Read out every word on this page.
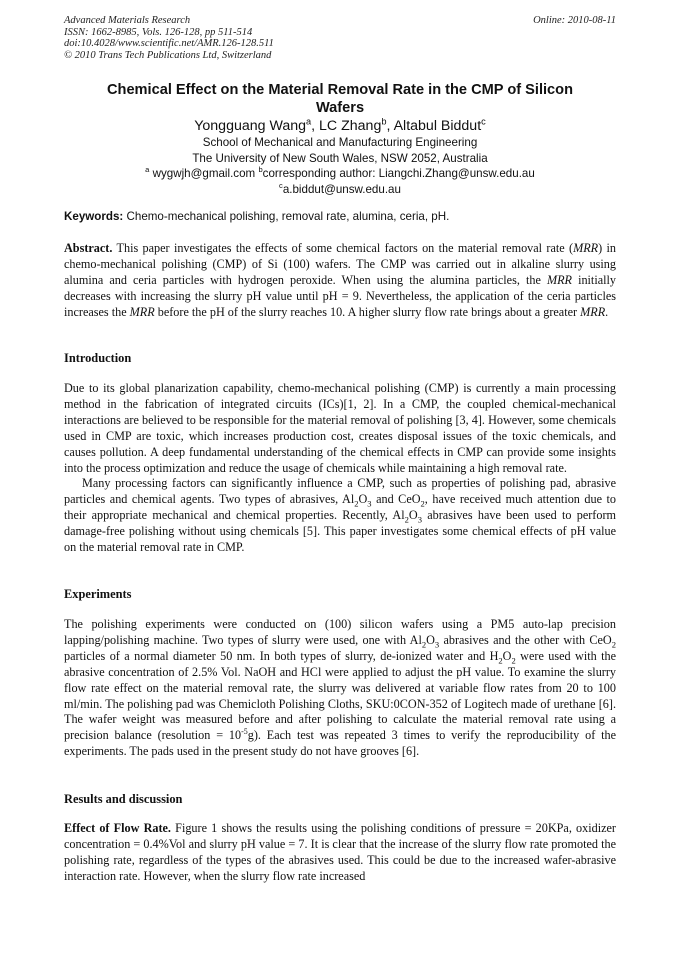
Advanced Materials Research
ISSN: 1662-8985, Vols. 126-128, pp 511-514
doi:10.4028/www.scientific.net/AMR.126-128.511
© 2010 Trans Tech Publications Ltd, Switzerland
Online: 2010-08-11
Chemical Effect on the Material Removal Rate in the CMP of Silicon
Wafers
Yongguang Wang$^a$, LC Zhang$^b$, Altabul Biddut$^c$
School of Mechanical and Manufacturing Engineering
The University of New South Wales, NSW 2052, Australia
$^a$ wygwjh@gmail.com $^b$corresponding author: Liangchi.Zhang@unsw.edu.au
$^c$a.biddut@unsw.edu.au
Keywords: Chemo-mechanical polishing, removal rate, alumina, ceria, pH.

Abstract. This paper investigates the effects of some chemical factors on the material removal rate (MRR) in chemo-mechanical polishing (CMP) of Si (100) wafers. The CMP was carried out in alkaline slurry using alumina and ceria particles with hydrogen peroxide. When using the alumina particles, the MRR initially decreases with increasing the slurry pH value until pH = 9. Nevertheless, the application of the ceria particles increases the MRR before the pH of the slurry reaches 10. A higher slurry flow rate brings about a greater MRR.

Introduction

Due to its global planarization capability, chemo-mechanical polishing (CMP) is currently a main processing method in the fabrication of integrated circuits (ICs)[1, 2]. In a CMP, the coupled chemical-mechanical interactions are believed to be responsible for the material removal of polishing [3, 4]. However, some chemicals used in CMP are toxic, which increases production cost, creates disposal issues of the toxic chemicals, and causes pollution. A deep fundamental understanding of the chemical effects in CMP can provide some insights into the process optimization and reduce the usage of chemicals while maintaining a high removal rate.

Many processing factors can significantly influence a CMP, such as properties of polishing pad, abrasive particles and chemical agents. Two types of abrasives, $Al_2O_3$ and CeO$_2$, have received much attention due to their appropriate mechanical and chemical properties. Recently, $Al_2O_3$ abrasives have been used to perform damage-free polishing without using chemicals [5]. This paper investigates some chemical effects of pH value on the material removal rate in CMP.

Experiments

The polishing experiments were conducted on (100) silicon wafers using a PM5 auto-lap precision lapping/polishing machine. Two types of slurry were used, one with $Al_2O_3$ abrasives and the other with CeO$_2$ particles of a normal diameter 50 nm. In both types of slurry, de-ionized water and $H_2O_2$ were used with the abrasive concentration of 2.5% Vol. NaOH and HCl were applied to adjust the pH value. To examine the slurry flow rate effect on the material removal rate, the slurry was delivered at variable flow rates from 20 to 100 ml/min. The polishing pad was Chemicloth Polishing Cloths, SKU:0CON-352 of Logitech made of urethane [6]. The wafer weight was measured before and after polishing to calculate the material removal rate using a precision balance (resolution = $10^{-5}g$). Each test was repeated 3 times to verify the reproducibility of the experiments. The pads used in the present study do not have grooves [6].

Results and discussion

Effect of Flow Rate. Figure 1 shows the results using the polishing conditions of pressure = 20KPa, oxidizer concentration = 0.4%Vol and slurry pH value = 7. It is clear that the increase of the slurry flow rate promoted the polishing rate, regardless of the types of the abrasives used. This could be due to the increased wafer-abrasive interaction rate. However, when the slurry flow rate increased
